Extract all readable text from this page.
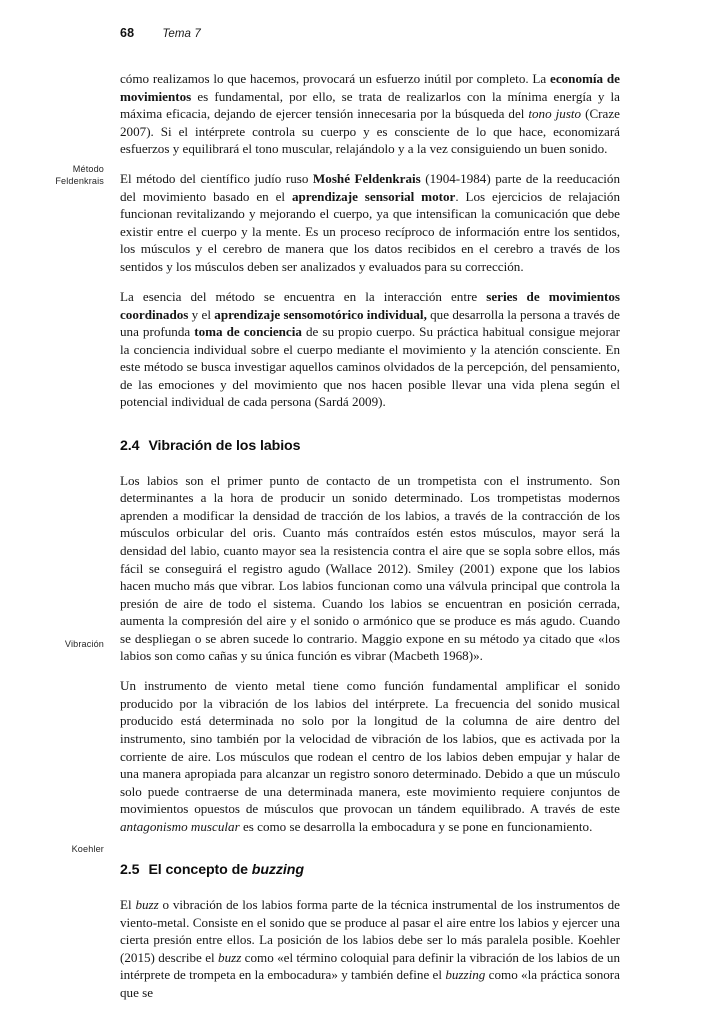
68 Tema 7
Método
Feldenkrais
Vibración
Koehler

cómo realizamos lo que hacemos, provocará un esfuerzo inútil por completo. La economía de movimientos es fundamental, por ello, se trata de realizarlos con la mínima energía y la máxima eficacia, dejando de ejercer tensión innecesaria por la búsqueda del tono justo (Craze 2007). Si el intérprete controla su cuerpo y es consciente de lo que hace, economizará esfuerzos y equilibrará el tono muscular, relajándolo y a la vez consiguiendo un buen sonido.

El método del científico judío ruso Moshé Feldenkrais (1904-1984) parte de la reeducación del movimiento basado en el aprendizaje sensorial motor. Los ejercicios de relajación funcionan revitalizando y mejorando el cuerpo, ya que intensifican la comunicación que debe existir entre el cuerpo y la mente. Es un proceso recíproco de información entre los sentidos, los músculos y el cerebro de manera que los datos recibidos en el cerebro a través de los sentidos y los músculos deben ser analizados y evaluados para su corrección.

La esencia del método se encuentra en la interacción entre series de movimientos coordinados y el aprendizaje sensomotórico individual, que desarrolla la persona a través de una profunda toma de conciencia de su propio cuerpo. Su práctica habitual consigue mejorar la conciencia individual sobre el cuerpo mediante el movimiento y la atención consciente. En este método se busca investigar aquellos caminos olvidados de la percepción, del pensamiento, de las emociones y del movimiento que nos hacen posible llevar una vida plena según el potencial individual de cada persona (Sardá 2009).

2.4 Vibración de los labios

Los labios son el primer punto de contacto de un trompetista con el instrumento. Son determinantes a la hora de producir un sonido determinado. Los trompetistas modernos aprenden a modificar la densidad de tracción de los labios, a través de la contracción de los músculos orbicular del oris. Cuanto más contraídos estén estos músculos, mayor será la densidad del labio, cuanto mayor sea la resistencia contra el aire que se sopla sobre ellos, más fácil se conseguirá el registro agudo (Wallace 2012). Smiley (2001) expone que los labios hacen mucho más que vibrar. Los labios funcionan como una válvula principal que controla la presión de aire de todo el sistema. Cuando los labios se encuentran en posición cerrada, aumenta la compresión del aire y el sonido o armónico que se produce es más agudo. Cuando se despliegan o se abren sucede lo contrario. Maggio expone en su método ya citado que «los labios son como cañas y su única función es vibrar (Macbeth 1968)».

Un instrumento de viento metal tiene como función fundamental amplificar el sonido producido por la vibración de los labios del intérprete. La frecuencia del sonido musical producido está determinada no solo por la longitud de la columna de aire dentro del instrumento, sino también por la velocidad de vibración de los labios, que es activada por la corriente de aire. Los músculos que rodean el centro de los labios deben empujar y halar de una manera apropiada para alcanzar un registro sonoro determinado. Debido a que un músculo solo puede contraerse de una determinada manera, este movimiento requiere conjuntos de movimientos opuestos de músculos que provocan un tándem equilibrado. A través de este antagonismo muscular es como se desarrolla la embocadura y se pone en funcionamiento.

2.5 El concepto de buzzing

El buzz o vibración de los labios forma parte de la técnica instrumental de los instrumentos de viento-metal. Consiste en el sonido que se produce al pasar el aire entre los labios y ejercer una cierta presión entre ellos. La posición de los labios debe ser lo más paralela posible. Koehler (2015) describe el buzz como «el término coloquial para definir la vibración de los labios de un intérprete de trompeta en la embocadura» y también define el buzzing como «la práctica sonora que se
